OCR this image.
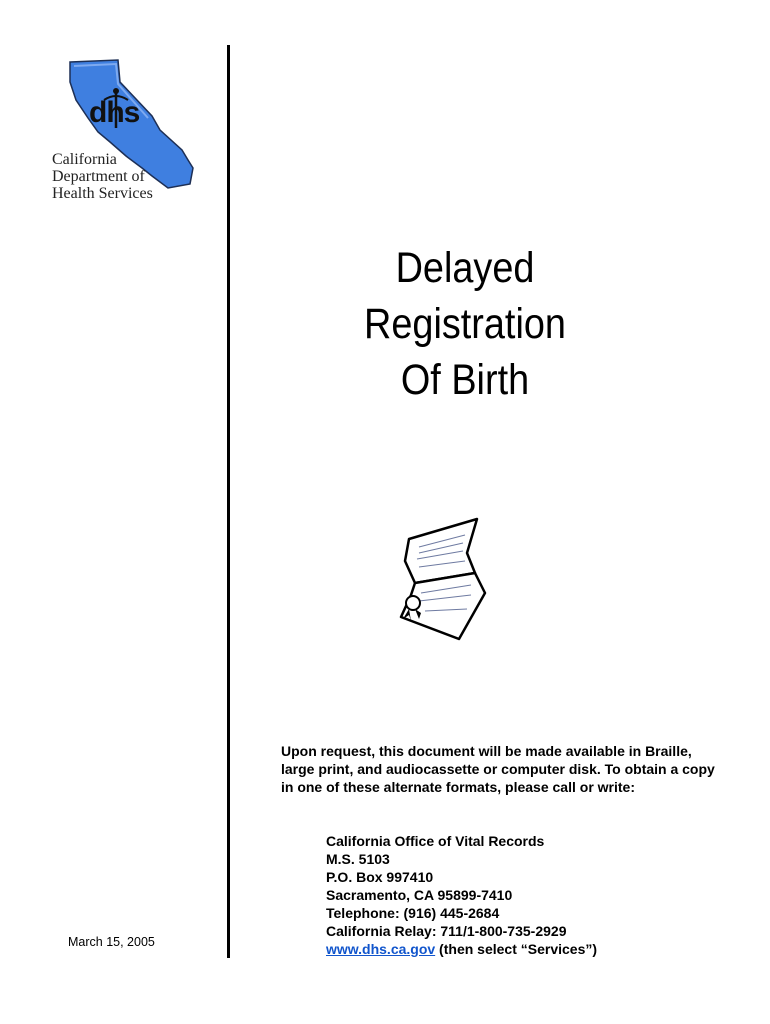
dhs
California
Department of
Health Services
Delayed
Registration
Of Birth
Upon request, this document will be made available in Braille, large print, and audiocassette or computer disk. To obtain a copy in one of these alternate formats, please call or write:
California Office of Vital Records
M.S. 5103
P.O. Box 997410
Sacramento, CA 95899-7410
Telephone: (916) 445-2684
California Relay: 711/1-800-735-2929
www.dhs.ca.gov (then select “Services”)
March 15, 2005
